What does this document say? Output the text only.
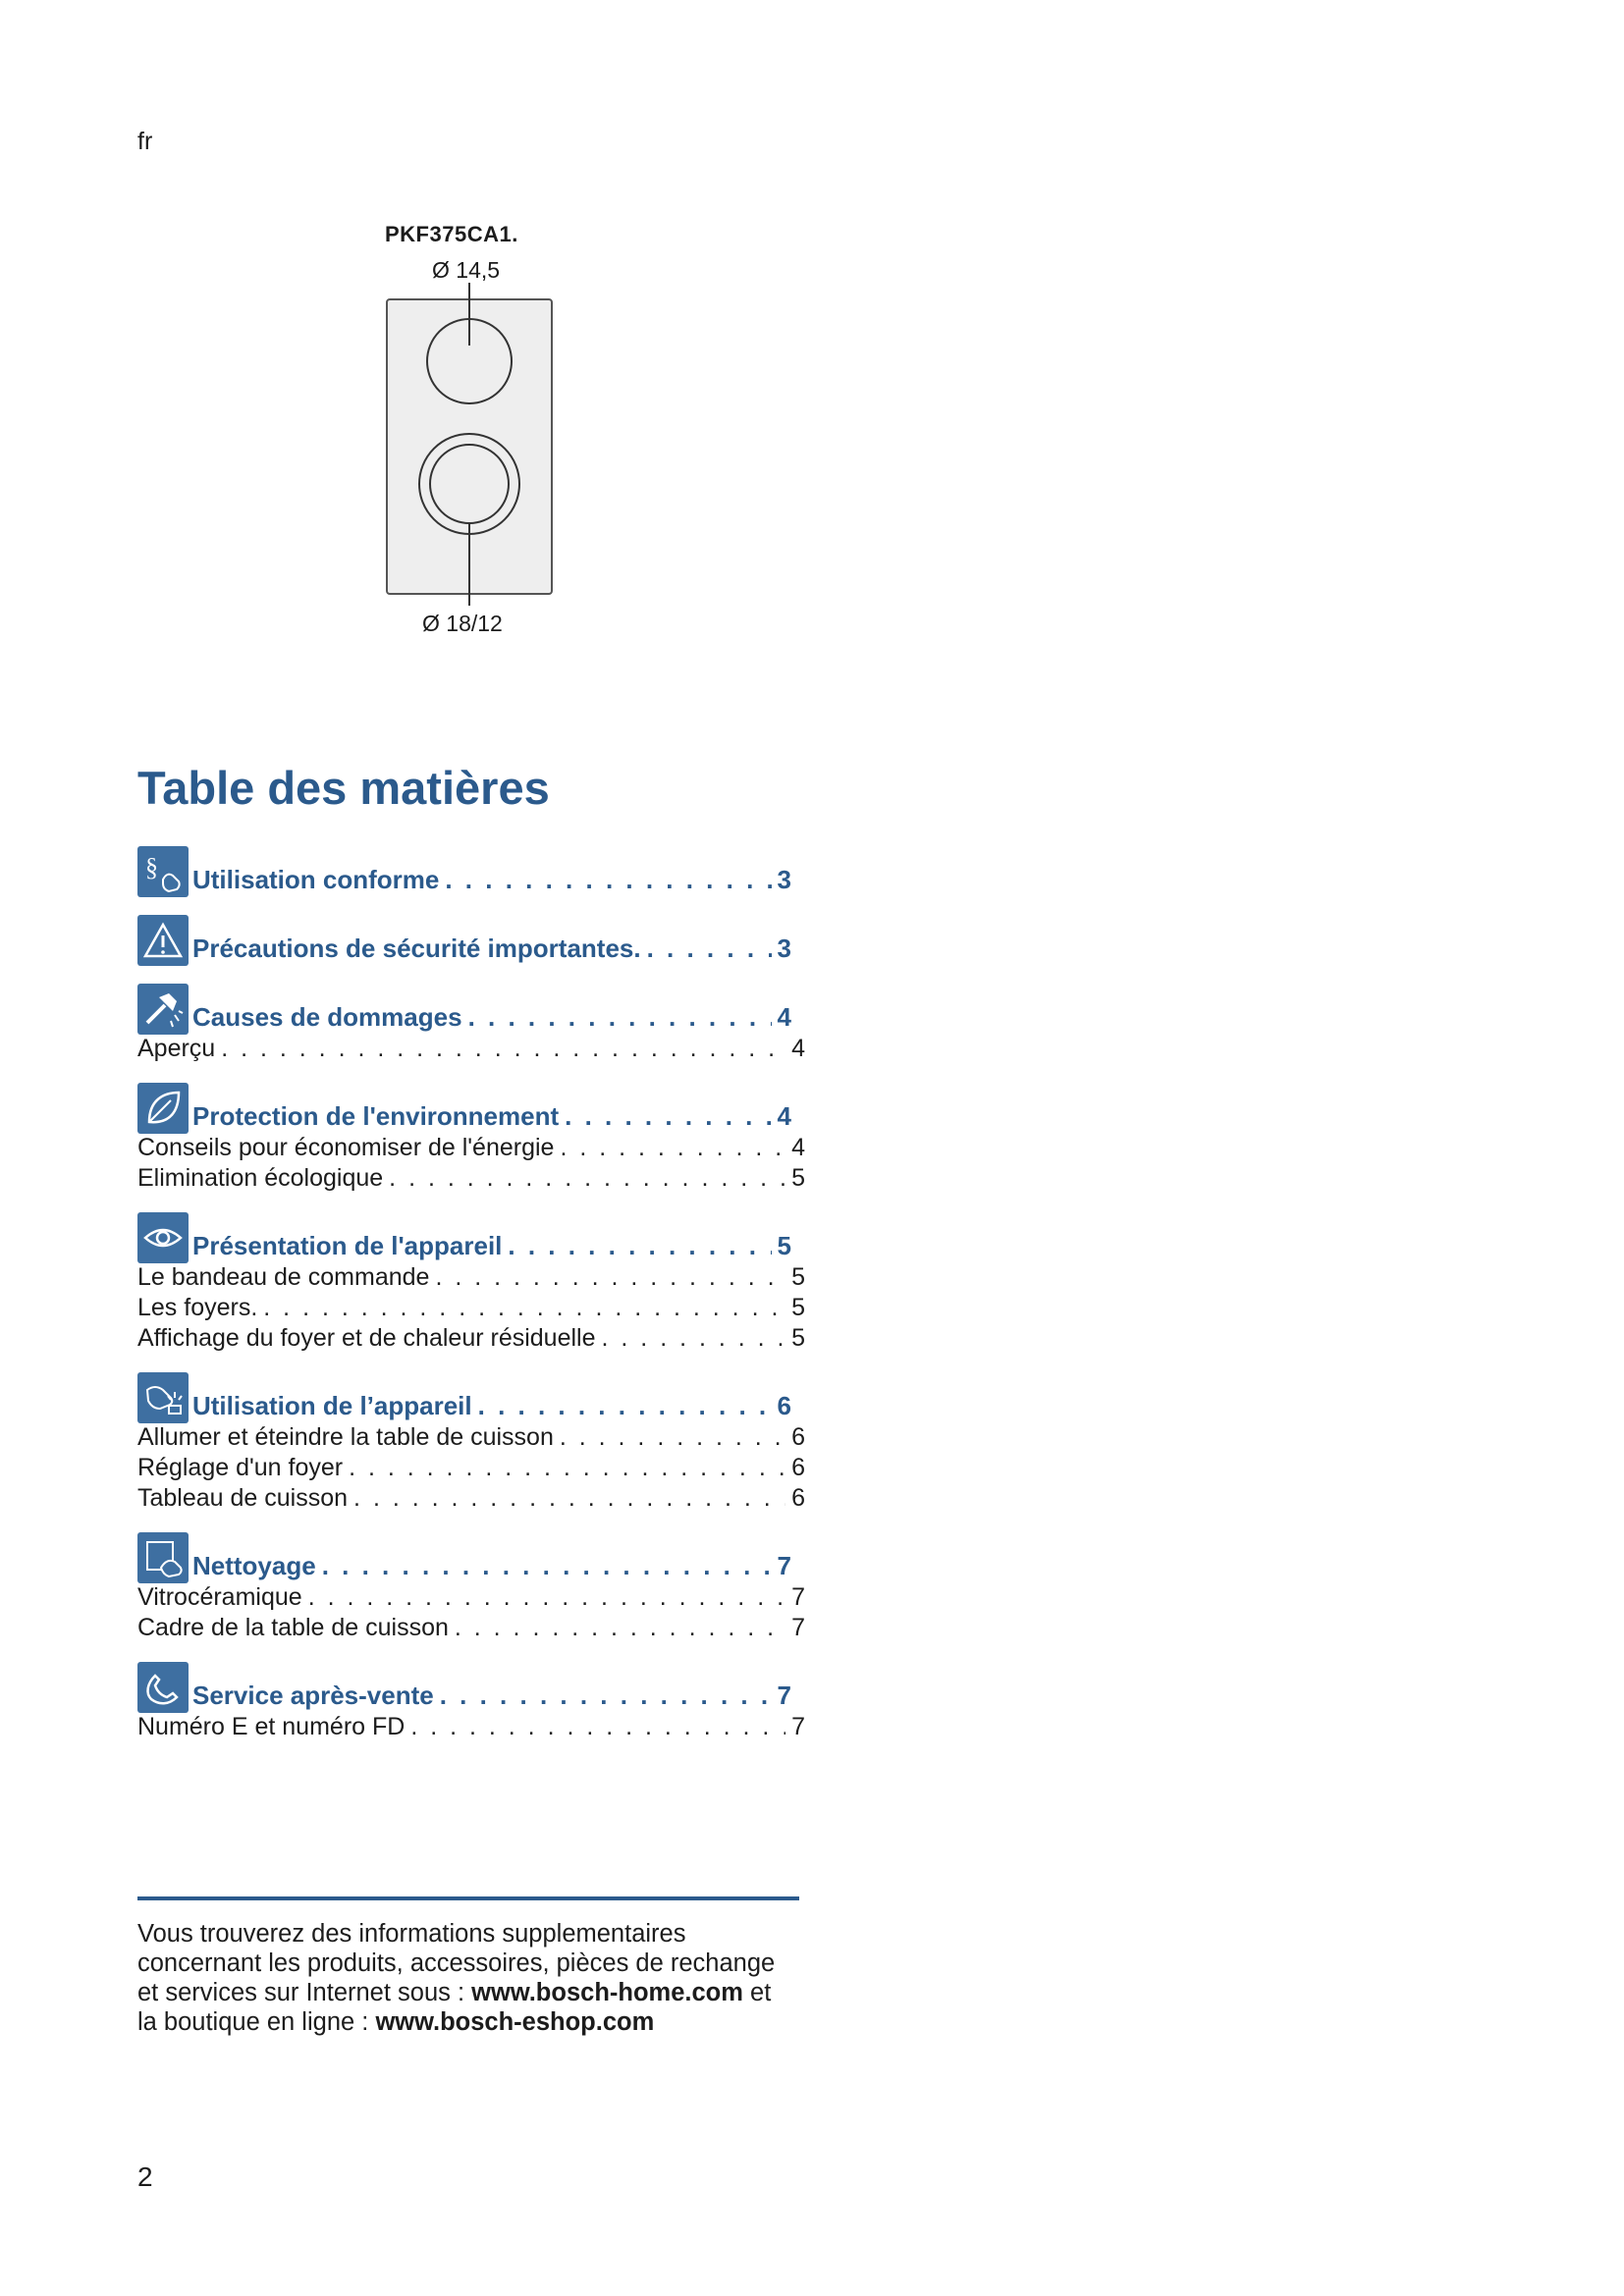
fr
PKF375CA1.
Ø 14,5
Ø 18/12
Table des matières
§ Utilisation conforme . . .	3
Précautions de sécurité importantes. . . .	3
Causes de dommages . . .	4
Aperçu . . .	4
Protection de l'environnement . . .	4
Conseils pour économiser de l'énergie . . .	4
Elimination écologique . . .	5
Présentation de l'appareil . . .	5
Le bandeau de commande . . .	5
Les foyers. . . .	5
Affichage du foyer et de chaleur résiduelle . . .	5
Utilisation de l’appareil . . .	6
Allumer et éteindre la table de cuisson . . .	6
Réglage d'un foyer . . .	6
Tableau de cuisson . . .	6
Nettoyage . . .	7
Vitrocéramique . . .	7
Cadre de la table de cuisson . . .	7
Service après-vente . . .	7
Numéro E et numéro FD . . .	7
Vous trouverez des informations supplementaires concernant les produits, accessoires, pièces de rechange et services sur Internet sous : www.bosch-home.com et la boutique en ligne : www.bosch-eshop.com
2
